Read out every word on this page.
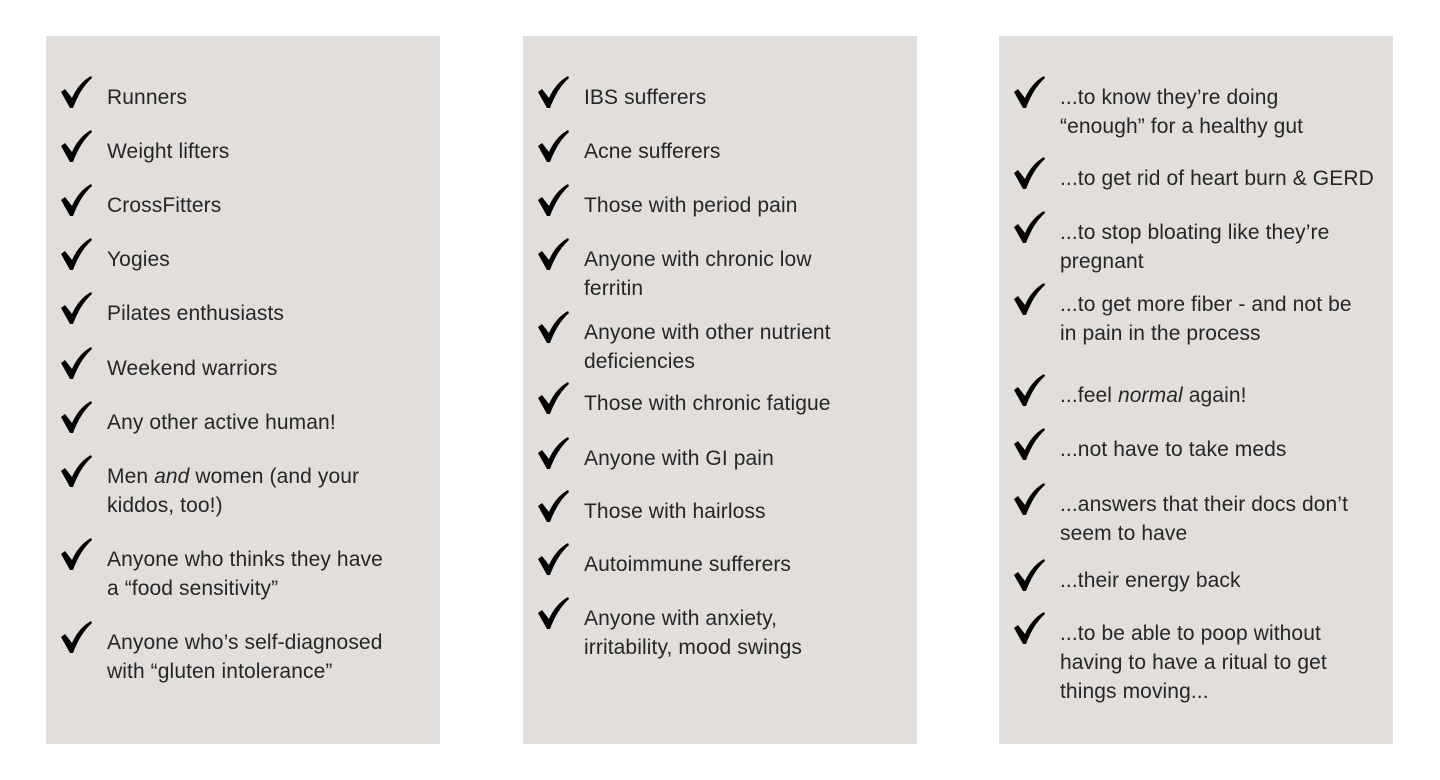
Runners
Weight lifters
CrossFitters
Yogies
Pilates enthusiasts
Weekend warriors
Any other active human!
Men and women (and your
kiddos, too!)
Anyone who thinks they have
a “food sensitivity”
Anyone who’s self-diagnosed
with “gluten intolerance”
IBS sufferers
Acne sufferers
Those with period pain
Anyone with chronic low
ferritin
Anyone with other nutrient
deficiencies
Those with chronic fatigue
Anyone with GI pain
Those with hairloss
Autoimmune sufferers
Anyone with anxiety,
irritability, mood swings
...to know they’re doing
“enough” for a healthy gut
...to get rid of heart burn & GERD
...to stop bloating like they’re
pregnant
...to get more fiber - and not be
in pain in the process
...feel normal again!
...not have to take meds
...answers that their docs don’t
seem to have
...their energy back
...to be able to poop without
having to have a ritual to get
things moving...
